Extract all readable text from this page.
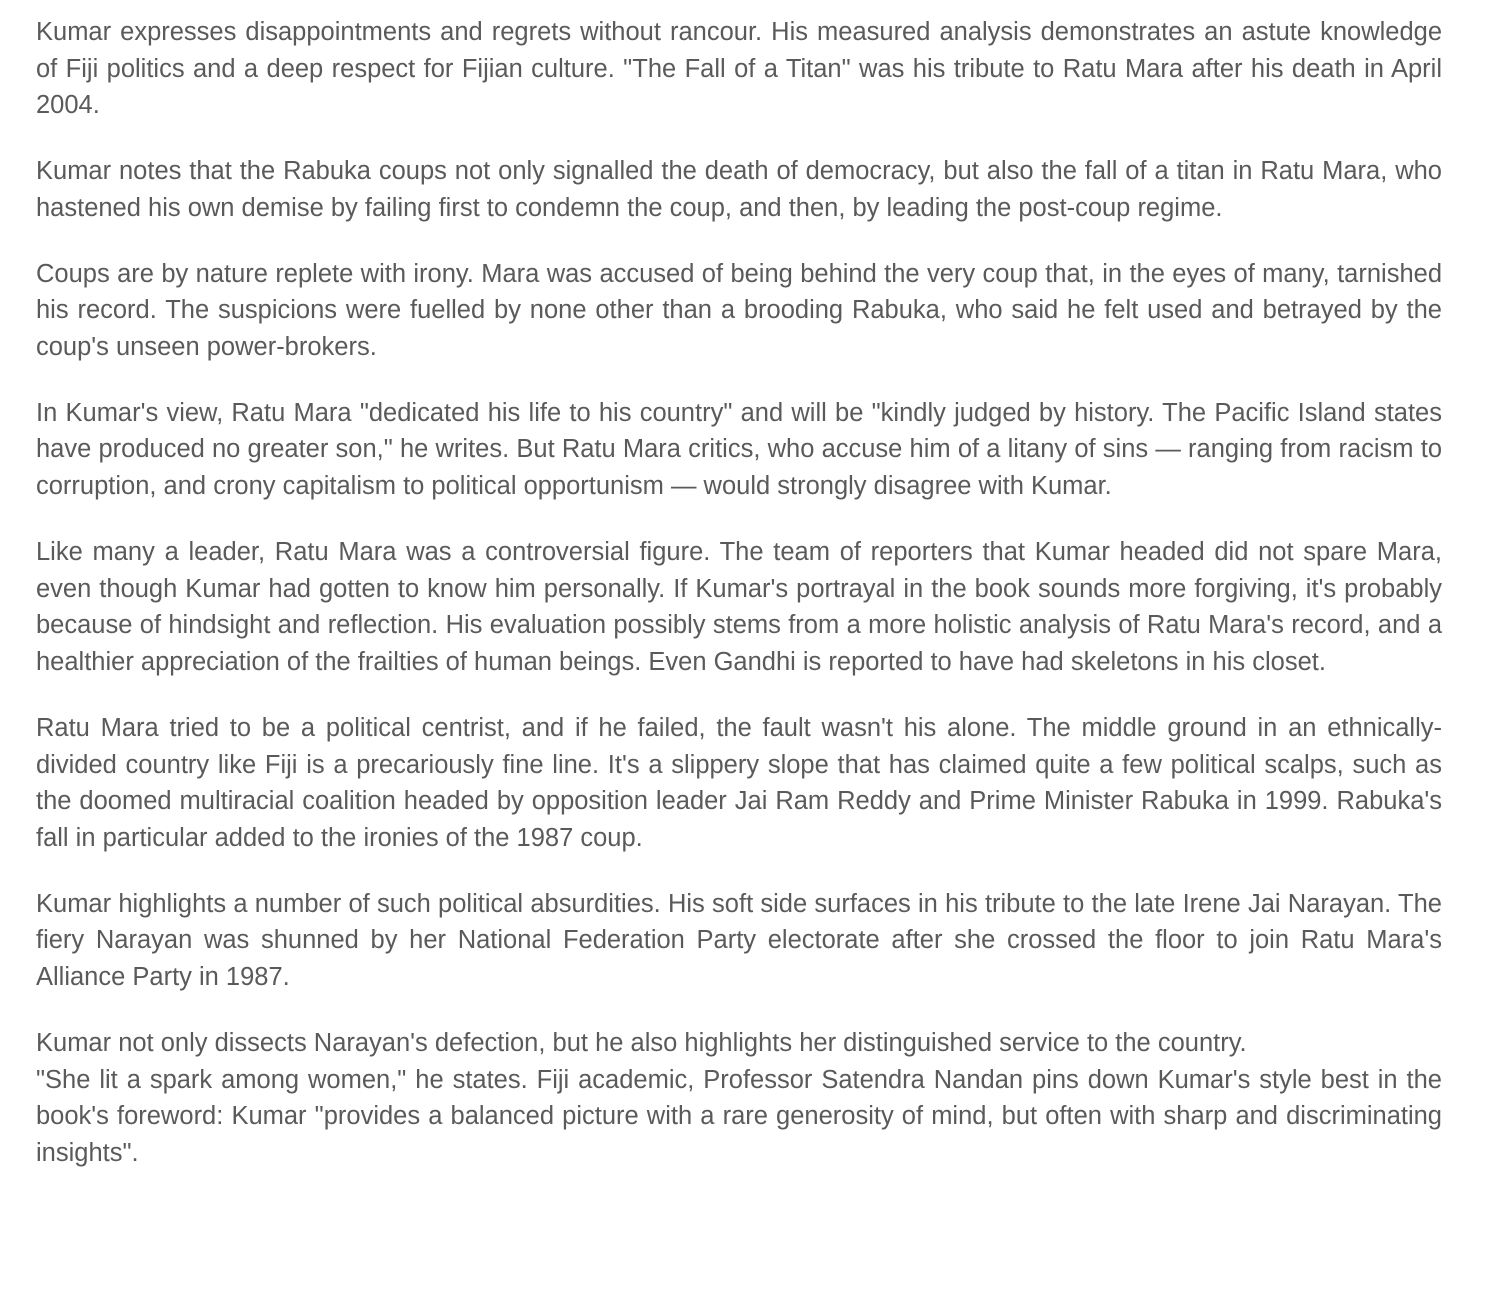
Kumar expresses disappointments and regrets without rancour. His measured analysis demonstrates an astute knowledge of Fiji politics and a deep respect for Fijian culture. "The Fall of a Titan" was his tribute to Ratu Mara after his death in April 2004.

Kumar notes that the Rabuka coups not only signalled the death of democracy, but also the fall of a titan in Ratu Mara, who hastened his own demise by failing first to condemn the coup, and then, by leading the post-coup regime.

Coups are by nature replete with irony. Mara was accused of being behind the very coup that, in the eyes of many, tarnished his record. The suspicions were fuelled by none other than a brooding Rabuka, who said he felt used and betrayed by the coup's unseen power-brokers.

In Kumar's view, Ratu Mara "dedicated his life to his country" and will be "kindly judged by history. The Pacific Island states have produced no greater son," he writes. But Ratu Mara critics, who accuse him of a litany of sins — ranging from racism to corruption, and crony capitalism to political opportunism — would strongly disagree with Kumar.

Like many a leader, Ratu Mara was a controversial figure. The team of reporters that Kumar headed did not spare Mara, even though Kumar had gotten to know him personally. If Kumar's portrayal in the book sounds more forgiving, it's probably because of hindsight and reflection. His evaluation possibly stems from a more holistic analysis of Ratu Mara's record, and a healthier appreciation of the frailties of human beings. Even Gandhi is reported to have had skeletons in his closet.

Ratu Mara tried to be a political centrist, and if he failed, the fault wasn't his alone. The middle ground in an ethnically-divided country like Fiji is a precariously fine line. It's a slippery slope that has claimed quite a few political scalps, such as the doomed multiracial coalition headed by opposition leader Jai Ram Reddy and Prime Minister Rabuka in 1999. Rabuka's fall in particular added to the ironies of the 1987 coup.

Kumar highlights a number of such political absurdities. His soft side surfaces in his tribute to the late Irene Jai Narayan. The fiery Narayan was shunned by her National Federation Party electorate after she crossed the floor to join Ratu Mara's Alliance Party in 1987.

Kumar not only dissects Narayan's defection, but he also highlights her distinguished service to the country.

"She lit a spark among women," he states. Fiji academic, Professor Satendra Nandan pins down Kumar's style best in the book's foreword: Kumar "provides a balanced picture with a rare generosity of mind, but often with sharp and discriminating insights".
